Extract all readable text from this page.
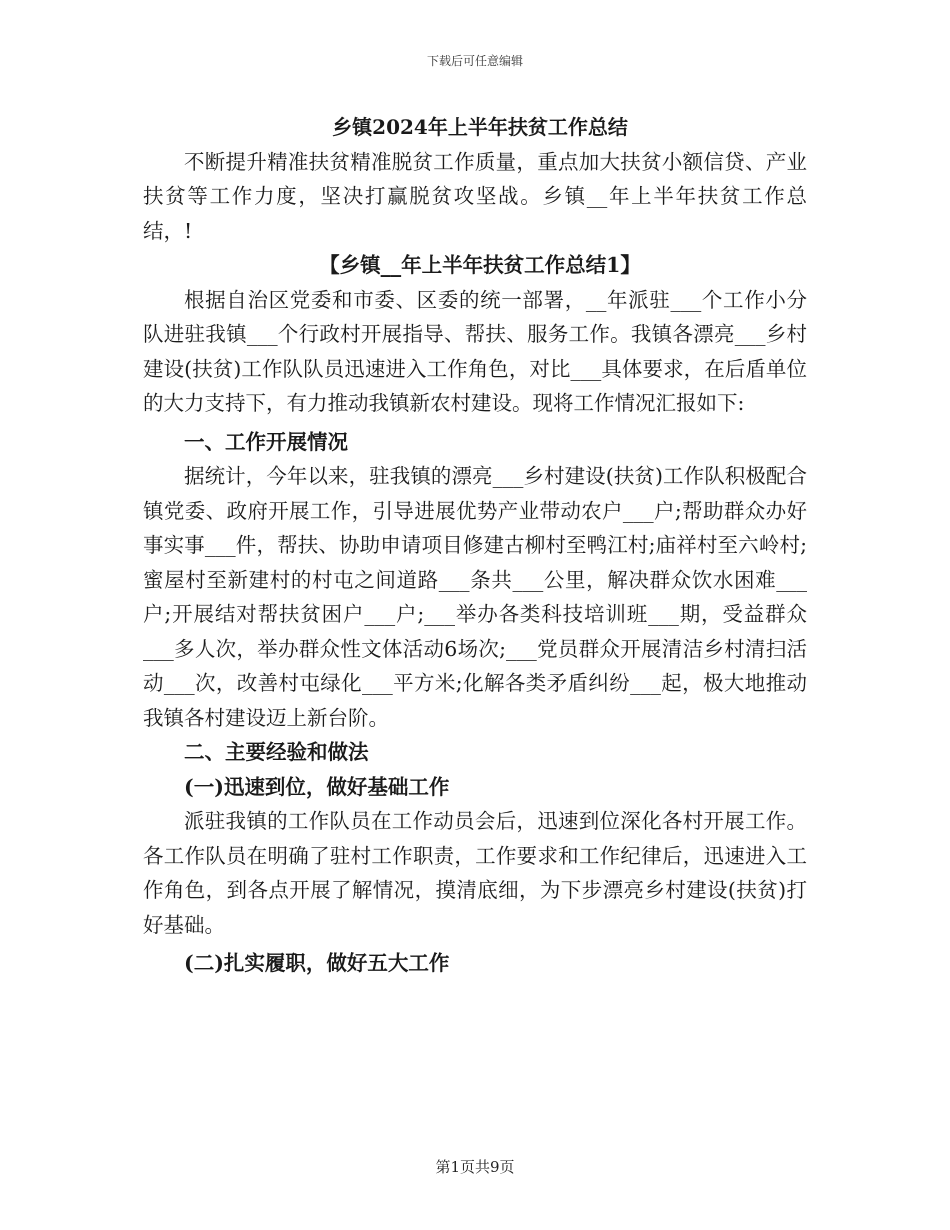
下载后可任意编辑
乡镇2024年上半年扶贫工作总结

不断提升精准扶贫精准脱贫工作质量，重点加大扶贫小额信贷、产业扶贫等工作力度，坚决打赢脱贫攻坚战。乡镇__年上半年扶贫工作总结，!

【乡镇__年上半年扶贫工作总结1】

根据自治区党委和市委、区委的统一部署，__年派驻___个工作小分队进驻我镇___个行政村开展指导、帮扶、服务工作。我镇各漂亮___乡村建设(扶贫)工作队队员迅速进入工作角色，对比___具体要求，在后盾单位的大力支持下，有力推动我镇新农村建设。现将工作情况汇报如下:

一、工作开展情况

据统计，今年以来，驻我镇的漂亮___乡村建设(扶贫)工作队积极配合镇党委、政府开展工作，引导进展优势产业带动农户___户;帮助群众办好事实事___件，帮扶、协助申请项目修建古柳村至鸭江村;庙祥村至六岭村;蜜屋村至新建村的村屯之间道路___条共___公里，解决群众饮水困难___户;开展结对帮扶贫困户___户;___举办各类科技培训班___期，受益群众___多人次，举办群众性文体活动6场次;___党员群众开展清洁乡村清扫活动___次，改善村屯绿化___平方米;化解各类矛盾纠纷___起，极大地推动我镇各村建设迈上新台阶。

二、主要经验和做法
(一)迅速到位，做好基础工作

派驻我镇的工作队员在工作动员会后，迅速到位深化各村开展工作。各工作队员在明确了驻村工作职责，工作要求和工作纪律后，迅速进入工作角色，到各点开展了解情况，摸清底细，为下步漂亮乡村建设(扶贫)打好基础。

(二)扎实履职，做好五大工作
第1页共9页
